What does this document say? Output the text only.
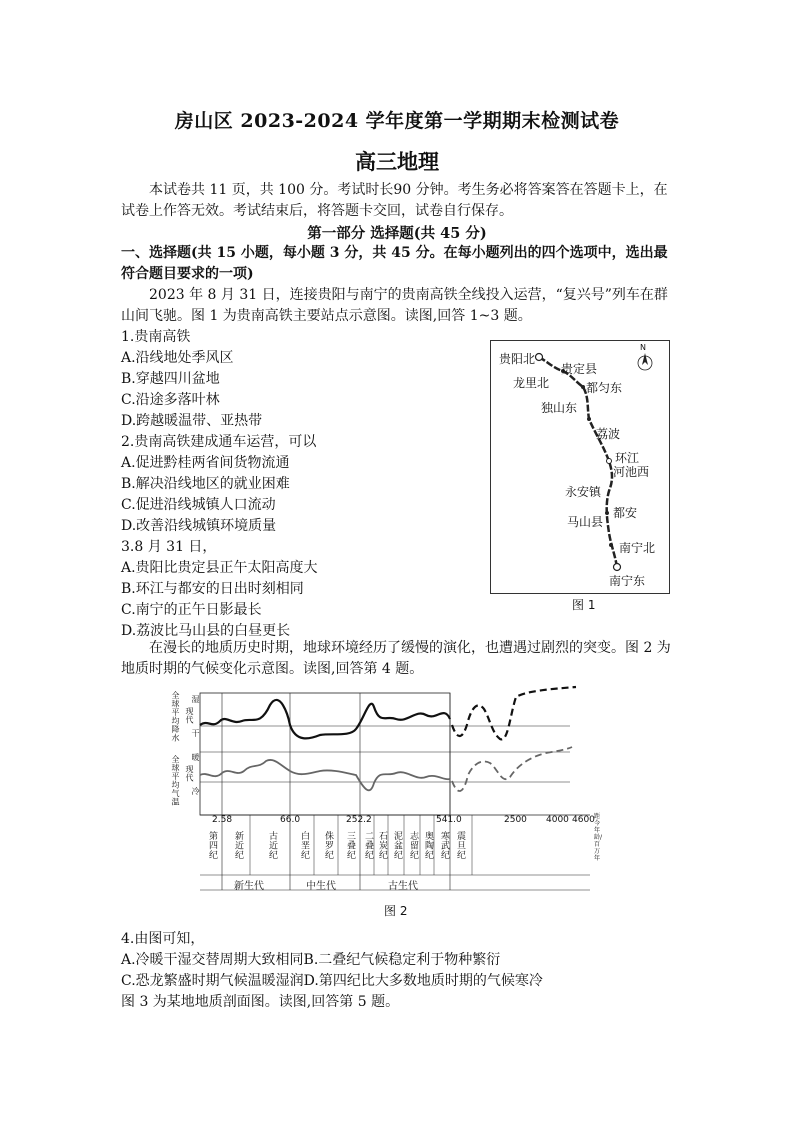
房山区 2023-2024 学年度第一学期期末检测试卷
高三地理
本试卷共 11 页，共 100 分。考试时长90 分钟。考生务必将答案答在答题卡上，在试卷上作答无效。考试结束后，将答题卡交回，试卷自行保存。
第一部分 选择题(共 45 分)
一、选择题(共 15 小题，每小题 3 分，共 45 分。在每小题列出的四个选项中，选出最符合题目要求的一项)
2023 年 8 月 31 日，连接贵阳与南宁的贵南高铁全线投入运营，“复兴号”列车在群山间飞驰。图 1 为贵南高铁主要站点示意图。读图,回答 1~3 题。
1.贵南高铁
A.沿线地处季风区
B.穿越四川盆地
C.沿途多落叶林
D.跨越暖温带、亚热带
2.贵南高铁建成通车运营，可以
A.促进黔桂两省间货物流通
B.解决沿线地区的就业困难
C.促进沿线城镇人口流动
D.改善沿线城镇环境质量
3.8 月 31 日，
A.贵阳比贵定县正午太阳高度大
B.环江与都安的日出时刻相同
C.南宁的正午日影最长
D.荔波比马山县的白昼更长
N
贵阳北
龙里北
贵定县
都匀东
独山东
荔波
环江
河池西
永安镇
都安
马山县
南宁北
南宁东
图 1
在漫长的地质历史时期，地球环境经历了缓慢的演化，也遭遇过剧烈的突变。图 2 为地质时期的气候变化示意图。读图,回答第 4 题。
全球平均降水
全球平均气温
湿
现代
干
暖
现代
冷
2.58	66.0	252.2	541.0	2500 4000 4600 距今年龄/百万年
第四纪 新近纪	古近纪 白垩纪 侏罗纪 三叠纪 二叠纪 石炭纪 泥盆纪 志留纪 奥陶纪 寒武纪 震旦纪
新生代	中生代	古生代
图 2
4.由图可知，
A.冷暖干湿交替周期大致相同B.二叠纪气候稳定利于物种繁衍
C.恐龙繁盛时期气候温暖湿润D.第四纪比大多数地质时期的气候寒冷
图 3 为某地地质剖面图。读图,回答第 5 题。
